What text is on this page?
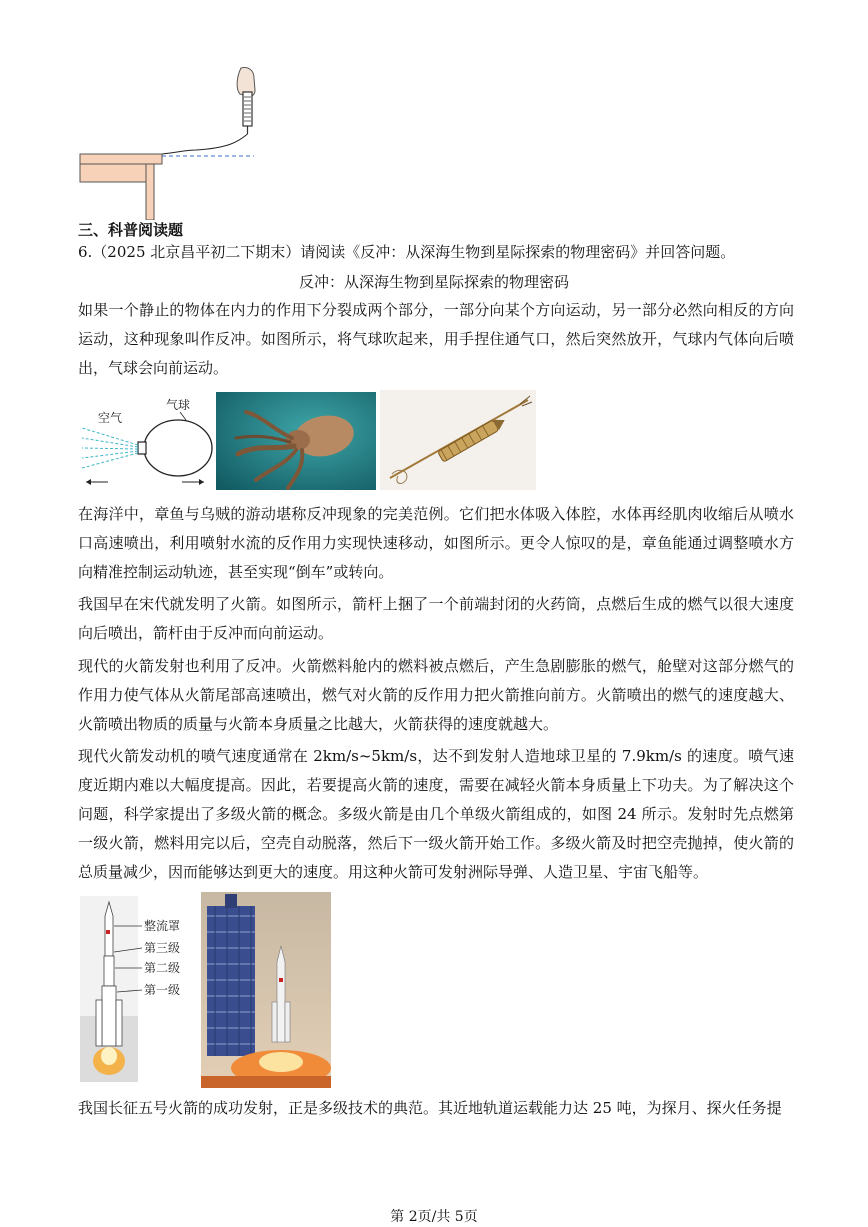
三、科普阅读题
6.（2025 北京昌平初二下期末）请阅读《反冲：从深海生物到星际探索的物理密码》并回答问题。
反冲：从深海生物到星际探索的物理密码

如果一个静止的物体在内力的作用下分裂成两个部分，一部分向某个方向运动，另一部分必然向相反的方向运动，这种现象叫作反冲。如图所示，将气球吹起来，用手捏住通气口，然后突然放开，气球内气体向后喷出，气球会向前运动。

空气
气球

在海洋中，章鱼与乌贼的游动堪称反冲现象的完美范例。它们把水体吸入体腔，水体再经肌肉收缩后从喷水口高速喷出，利用喷射水流的反作用力实现快速移动，如图所示。更令人惊叹的是，章鱼能通过调整喷水方向精准控制运动轨迹，甚至实现“倒车”或转向。

我国早在宋代就发明了火箭。如图所示，箭杆上捆了一个前端封闭的火药筒，点燃后生成的燃气以很大速度向后喷出，箭杆由于反冲而向前运动。

现代的火箭发射也利用了反冲。火箭燃料舱内的燃料被点燃后，产生急剧膨胀的燃气，舱壁对这部分燃气的作用力使气体从火箭尾部高速喷出，燃气对火箭的反作用力把火箭推向前方。火箭喷出的燃气的速度越大、火箭喷出物质的质量与火箭本身质量之比越大，火箭获得的速度就越大。

现代火箭发动机的喷气速度通常在 2km/s~5km/s，达不到发射人造地球卫星的 7.9km/s 的速度。喷气速度近期内难以大幅度提高。因此，若要提高火箭的速度，需要在减轻火箭本身质量上下功夫。为了解决这个问题，科学家提出了多级火箭的概念。多级火箭是由几个单级火箭组成的，如图 24 所示。发射时先点燃第一级火箭，燃料用完以后，空壳自动脱落，然后下一级火箭开始工作。多级火箭及时把空壳抛掉，使火箭的总质量减少，因而能够达到更大的速度。用这种火箭可发射洲际导弹、人造卫星、宇宙飞船等。

整流罩
第三级
第二级
第一级

我国长征五号火箭的成功发射，正是多级技术的典范。其近地轨道运载能力达 25 吨，为探月、探火任务提

第 2页/共 5页
